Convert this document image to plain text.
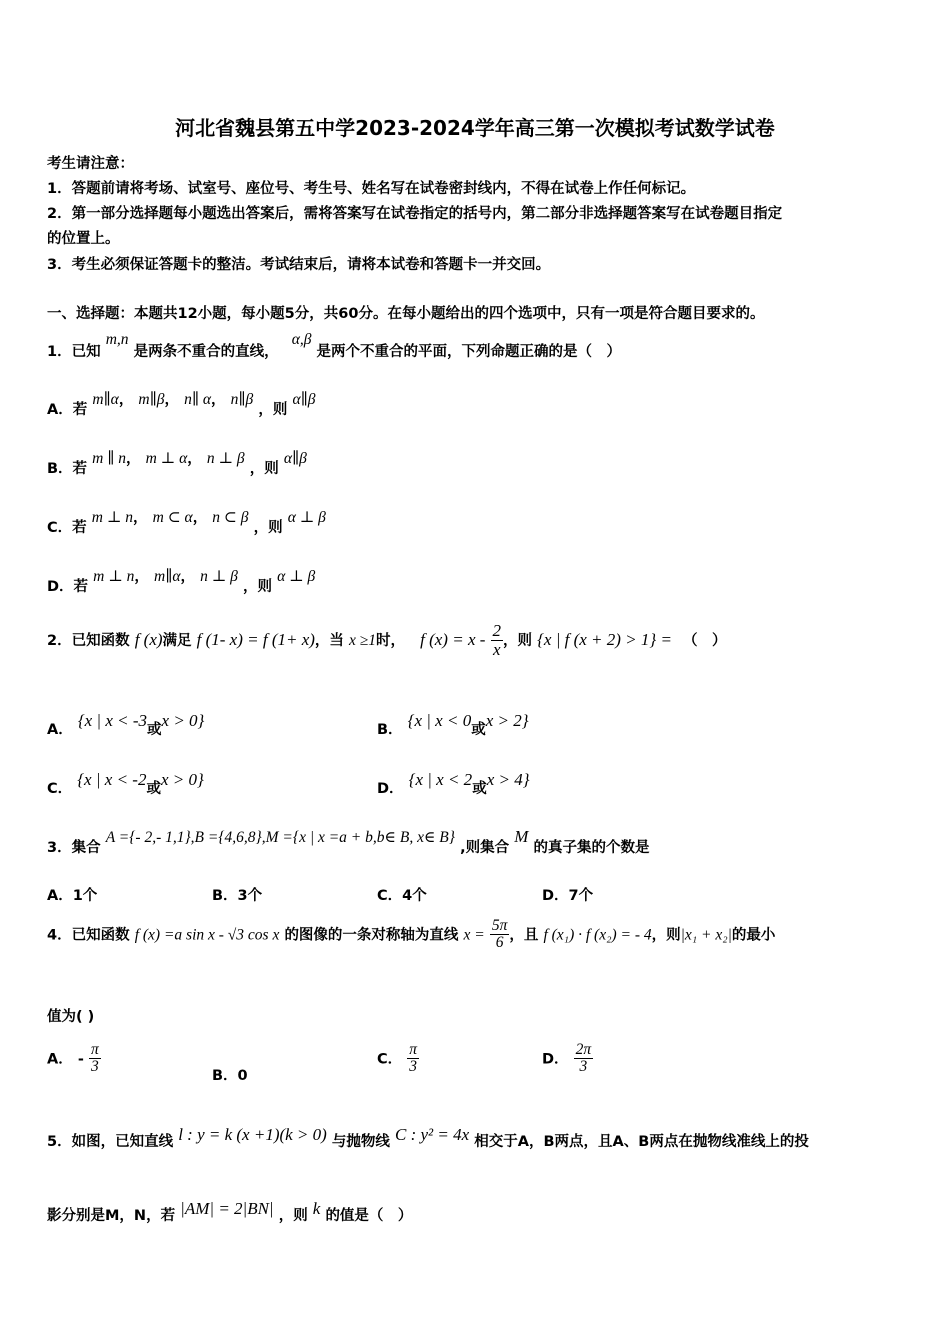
河北省魏县第五中学2023-2024学年高三第一次模拟考试数学试卷
考生请注意：
1．答题前请将考场、试室号、座位号、考生号、姓名写在试卷密封线内，不得在试卷上作任何标记。
2．第一部分选择题每小题选出答案后，需将答案写在试卷指定的括号内，第二部分非选择题答案写在试卷题目指定
的位置上。
3．考生必须保证答题卡的整洁。考试结束后，请将本试卷和答题卡一并交回。
一、选择题：本题共12小题，每小题5分，共60分。在每小题给出的四个选项中，只有一项是符合题目要求的。
1．已知 m,n 是两条不重合的直线， α,β 是两个不重合的平面，下列命题正确的是（　）
A．若 m∥α， m∥β， n∥ α， n∥β ，则 α∥β
B．若 m ∥ n， m ⊥ α， n ⊥ β ，则 α∥β
C．若 m ⊥ n， m ⊂ α， n ⊂ β ，则 α ⊥ β
D．若 m ⊥ n， m∥α， n ⊥ β ，则 α ⊥ β
2．已知函数 f (x)满足 f (1- x) = f (1+ x)，当 x ≥1时， f $(x) = x - \frac{2}{x}$ ，则 {x | f (x + 2) > 1} = （　）
A． {x | x < -3或x > 0}	B． {x | x < 0或x > 2}
C． {x | x < -2或x > 0}	D． {x | x < 2或x > 4}
3．集合 A ={- 2,- 1,1},B ={4,6,8},M ={x | x =a + b,b∈ B, x∈ B} ,则集合 M 的真子集的个数是
A．1个	B．3个	C．4个	D．7个
4．已知函数 f (x) =a sin x - √3 cos x 的图像的一条对称轴为直线 $x = \frac{5\pi}{6}$ ，且 f (x₁) · f (x₂) = - 4，则|x₁ + x₂|的最小
值为( )
A． - $\frac{\pi}{3}$
B．0
C． $\frac{\pi}{3}$	D． $\frac{2\pi}{3}$
5．如图，已知直线 l : y = k (x +1)(k > 0) 与抛物线 C : y² = 4x 相交于A，B两点，且A、B两点在抛物线准线上的投
影分别是M，N，若 |AM| = 2|BN| ，则 k 的值是（　）
